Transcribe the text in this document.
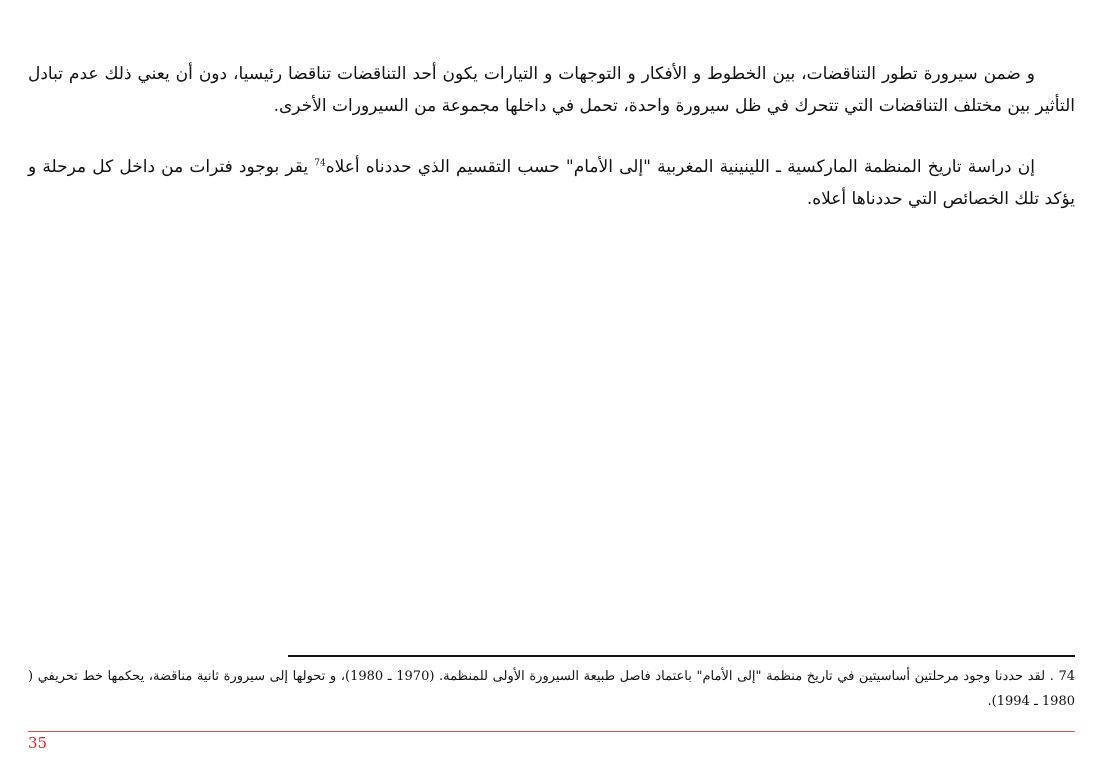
و ضمن سيرورة تطور التناقضات، بين الخطوط و الأفكار و التوجهات و التيارات يكون أحد التناقضات تناقضا رئيسيا، دون أن يعني ذلك عدم تبادل التأثير بين مختلف التناقضات التي تتحرك في ظل سيرورة واحدة، تحمل في داخلها مجموعة من السيرورات الأخرى.

إن دراسة تاريخ المنظمة الماركسية ـ اللينينية المغربية "إلى الأمام" حسب التقسيم الذي حددناه أعلاه$^{74}$ يقر بوجود فترات من داخل كل مرحلة و يؤكد تلك الخصائص التي حددناها أعلاه.

74 . لقد حددنا وجود مرحلتين أساسيتين في تاريخ منظمة "إلى الأمام" باعتماد فاصل طبيعة السيرورة الأولى للمنظمة. (1970 ـ 1980)، و تحولها إلى سيرورة ثانية مناقضة، يحكمها خط تحريفي ( 1980 ـ 1994).

35
